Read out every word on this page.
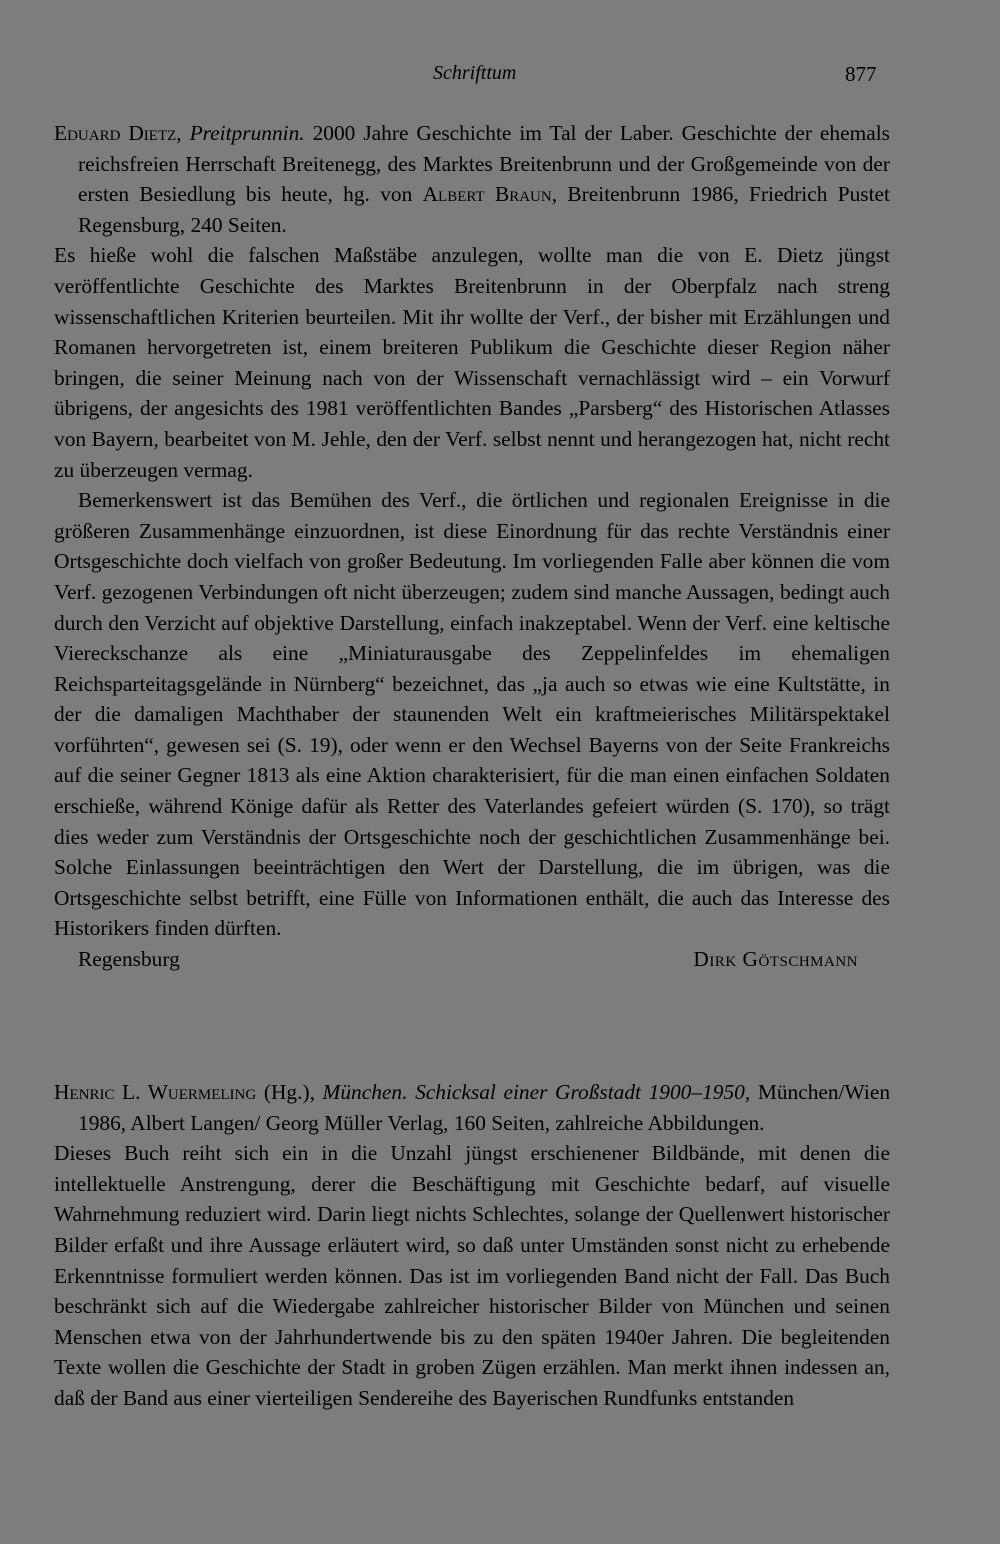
Schrifttum	877

Eduard Dietz, Preitprunnin. 2000 Jahre Geschichte im Tal der Laber. Geschichte der ehemals reichsfreien Herrschaft Breitenegg, des Marktes Breitenbrunn und der Großgemeinde von der ersten Besiedlung bis heute, hg. von Albert Braun, Breitenbrunn 1986, Friedrich Pustet Regensburg, 240 Seiten.

Es hieße wohl die falschen Maßstäbe anzulegen, wollte man die von E. Dietz jüngst veröffentlichte Geschichte des Marktes Breitenbrunn in der Oberpfalz nach streng wissenschaftlichen Kriterien beurteilen. Mit ihr wollte der Verf., der bisher mit Erzählungen und Romanen hervorgetreten ist, einem breiteren Publikum die Geschichte dieser Region näher bringen, die seiner Meinung nach von der Wissenschaft vernachlässigt wird – ein Vorwurf übrigens, der angesichts des 1981 veröffentlichten Bandes „Parsberg“ des Historischen Atlasses von Bayern, bearbeitet von M. Jehle, den der Verf. selbst nennt und herangezogen hat, nicht recht zu überzeugen vermag.

Bemerkenswert ist das Bemühen des Verf., die örtlichen und regionalen Ereignisse in die größeren Zusammenhänge einzuordnen, ist diese Einordnung für das rechte Verständnis einer Ortsgeschichte doch vielfach von großer Bedeutung. Im vorliegenden Falle aber können die vom Verf. gezogenen Verbindungen oft nicht überzeugen; zudem sind manche Aussagen, bedingt auch durch den Verzicht auf objektive Darstellung, einfach inakzeptabel. Wenn der Verf. eine keltische Viereckschanze als eine „Miniaturausgabe des Zeppelinfeldes im ehemaligen Reichsparteitagsgelände in Nürnberg“ bezeichnet, das „ja auch so etwas wie eine Kultstätte, in der die damaligen Machthaber der staunenden Welt ein kraftmeierisches Militärspektakel vorführten“, gewesen sei (S. 19), oder wenn er den Wechsel Bayerns von der Seite Frankreichs auf die seiner Gegner 1813 als eine Aktion charakterisiert, für die man einen einfachen Soldaten erschieße, während Könige dafür als Retter des Vaterlandes gefeiert würden (S. 170), so trägt dies weder zum Verständnis der Ortsgeschichte noch der geschichtlichen Zusammenhänge bei. Solche Einlassungen beeinträchtigen den Wert der Darstellung, die im übrigen, was die Ortsgeschichte selbst betrifft, eine Fülle von Informationen enthält, die auch das Interesse des Historikers finden dürften.

Regensburg	Dirk Götschmann

Henric L. Wuermeling (Hg.), München. Schicksal einer Großstadt 1900–1950, München/Wien 1986, Albert Langen/ Georg Müller Verlag, 160 Seiten, zahlreiche Abbildungen.

Dieses Buch reiht sich ein in die Unzahl jüngst erschienener Bildbände, mit denen die intellektuelle Anstrengung, derer die Beschäftigung mit Geschichte bedarf, auf visuelle Wahrnehmung reduziert wird. Darin liegt nichts Schlechtes, solange der Quellenwert historischer Bilder erfaßt und ihre Aussage erläutert wird, so daß unter Umständen sonst nicht zu erhebende Erkenntnisse formuliert werden können. Das ist im vorliegenden Band nicht der Fall. Das Buch beschränkt sich auf die Wiedergabe zahlreicher historischer Bilder von München und seinen Menschen etwa von der Jahrhundertwende bis zu den späten 1940er Jahren. Die begleitenden Texte wollen die Geschichte der Stadt in groben Zügen erzählen. Man merkt ihnen indessen an, daß der Band aus einer vierteiligen Sendereihe des Bayerischen Rundfunks entstanden
